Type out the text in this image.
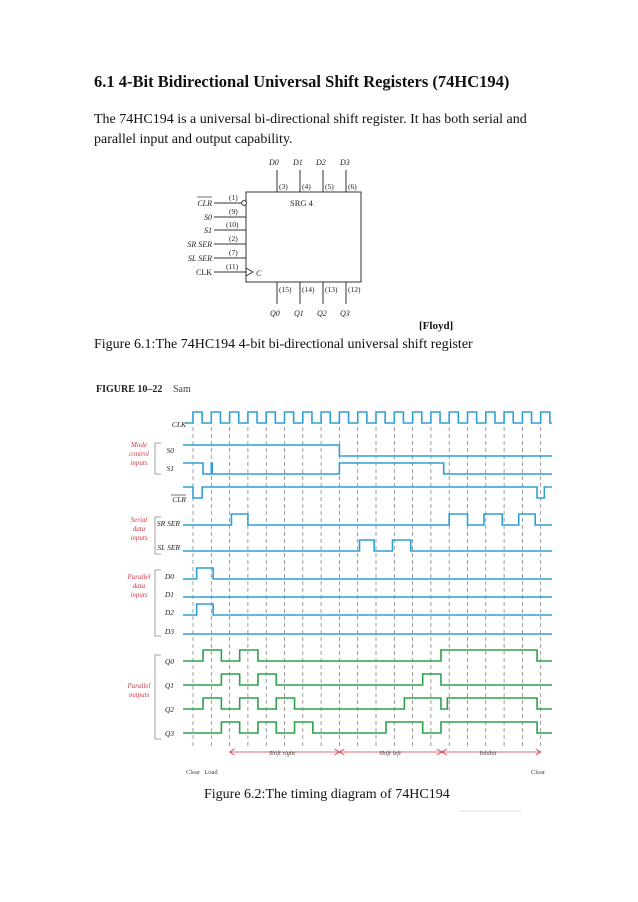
6.1 4-Bit Bidirectional Universal Shift Registers (74HC194)
The 74HC194 is a universal bi-directional shift register. It has both serial and parallel input and output capability.
SRG 4
CLR
S0
S1
SR SER
SL SER
CLK
(1)
(9)
(10)
(2)
(7)
(11)
C
D0 D1 D2 D3
(3) (4) (5) (6)
(15) (14) (13) (12)
Q0 Q1 Q2 Q3
[Floyd]
Figure 6.1:The 74HC194 4-bit bi-directional universal shift register
FIGURE 10–22 Sam
CLK
S0
S1
CLR
SR SER
SL SER
D0
D1
D2
D3
Q0
Q1
Q2
Q3
Mode control inputs
Serial data inputs
Parallel data inputs
Parallel outputs
Shift right	Shift left	Inhibit
Clear Load	Clear
Figure 6.2:The timing diagram of 74HC194
